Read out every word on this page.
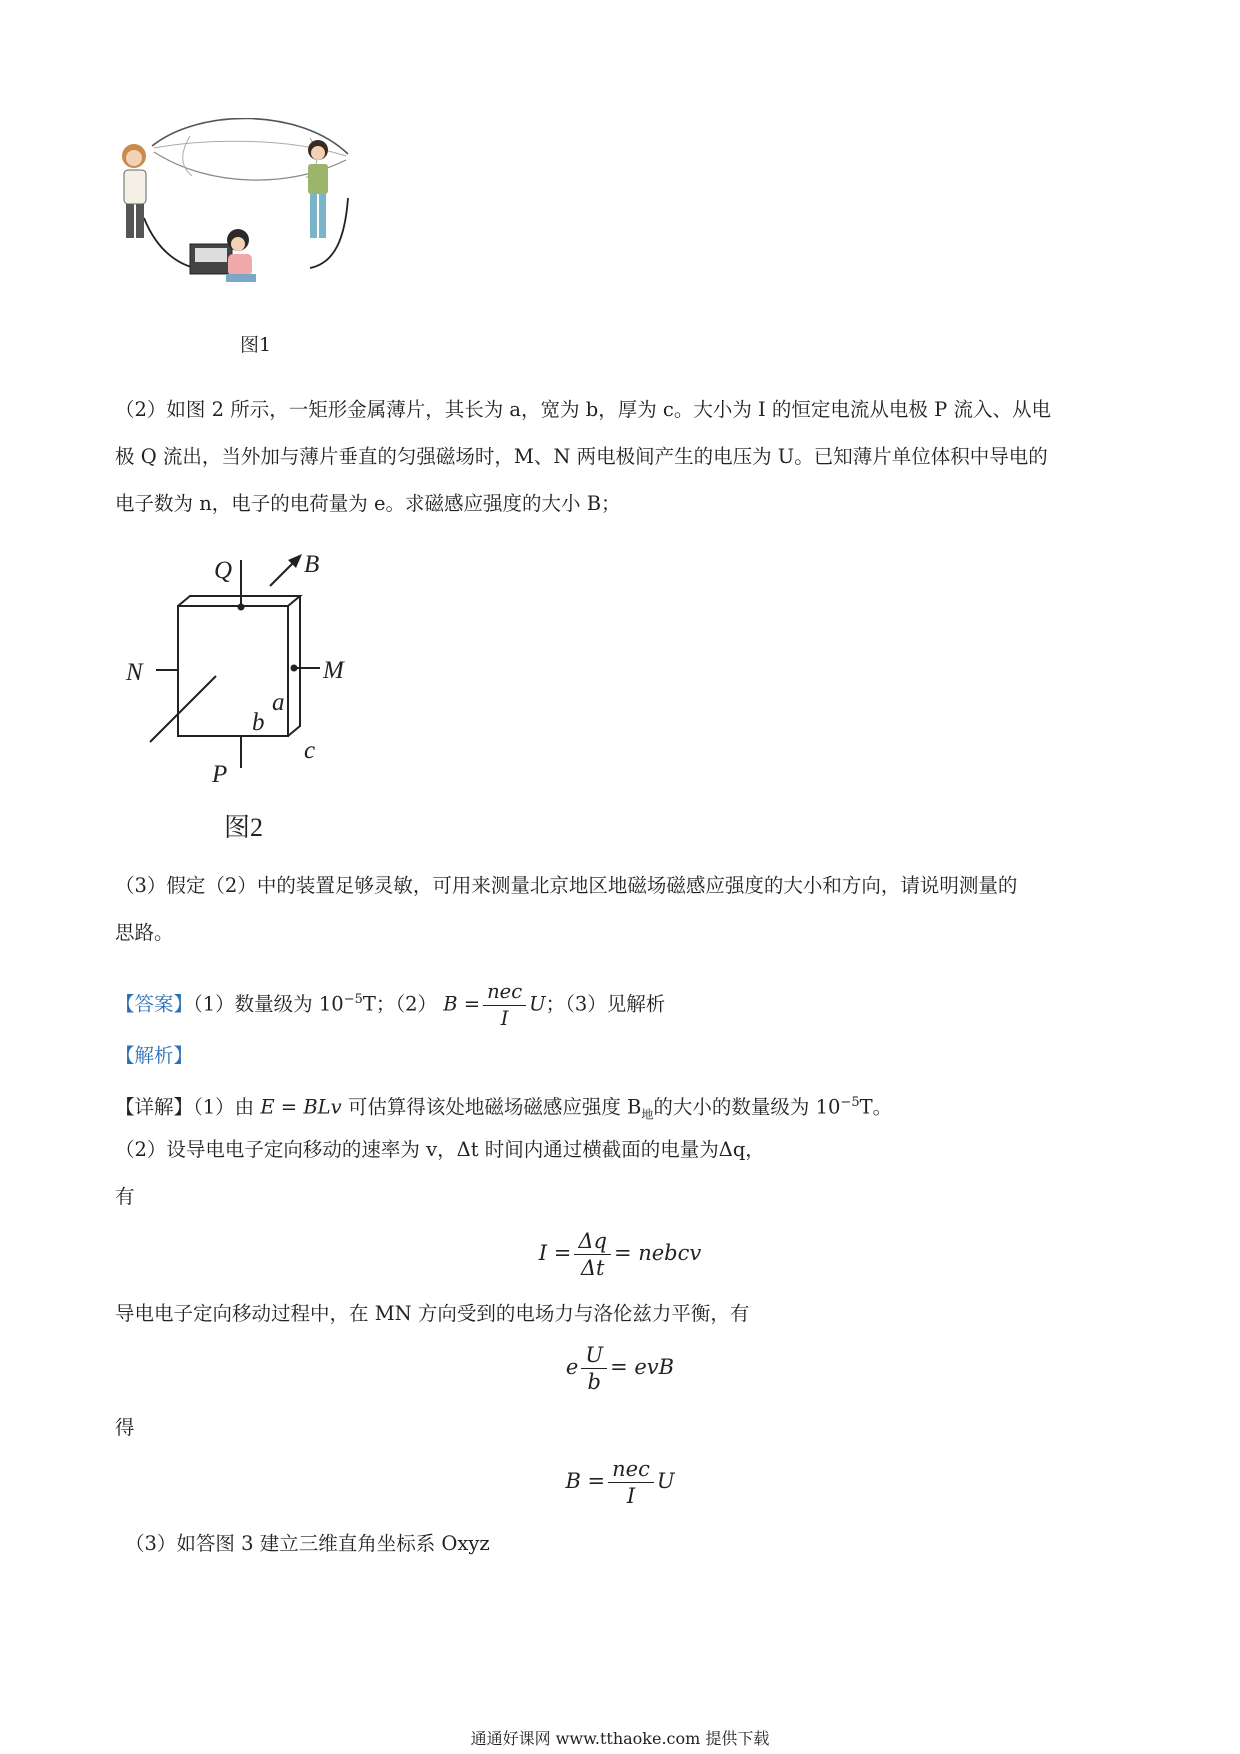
图1

（2）如图 2 所示，一矩形金属薄片，其长为 a，宽为 b，厚为 c。大小为 I 的恒定电流从电极 P 流入、从电

极 Q 流出，当外加与薄片垂直的匀强磁场时，M、N 两电极间产生的电压为 U。已知薄片单位体积中导电的

电子数为 n，电子的电荷量为 e。求磁感应强度的大小 B；

Q	B
N	M
a
b
c
P
图2

（3）假定（2）中的装置足够灵敏，可用来测量北京地区地磁场磁感应强度的大小和方向，请说明测量的

思路。

【答案】（1）数量级为 $10^{-5}T$；（2） $B = \frac{\text{nec}}{I}$ U；（3）见解析
【解析】
【详解】（1）由 E = BLv 可估算得该处地磁场磁感应强度 $B_地$的大小的数量级为 $10^{-5}T$。

（2）设导电电子定向移动的速率为 v，Δt 时间内通过横截面的电量为Δq，

有

$I = \frac{\Delta q}{\Delta t}$ = nebcv

导电电子定向移动过程中，在 MN 方向受到的电场力与洛伦兹力平衡，有

e $\frac{U}{b}$ = evB

得

$B = \frac{\text{nec}}{I}$ U

（3）如答图 3 建立三维直角坐标系 Oxyz

通通好课网 www.tthaoke.com 提供下载
